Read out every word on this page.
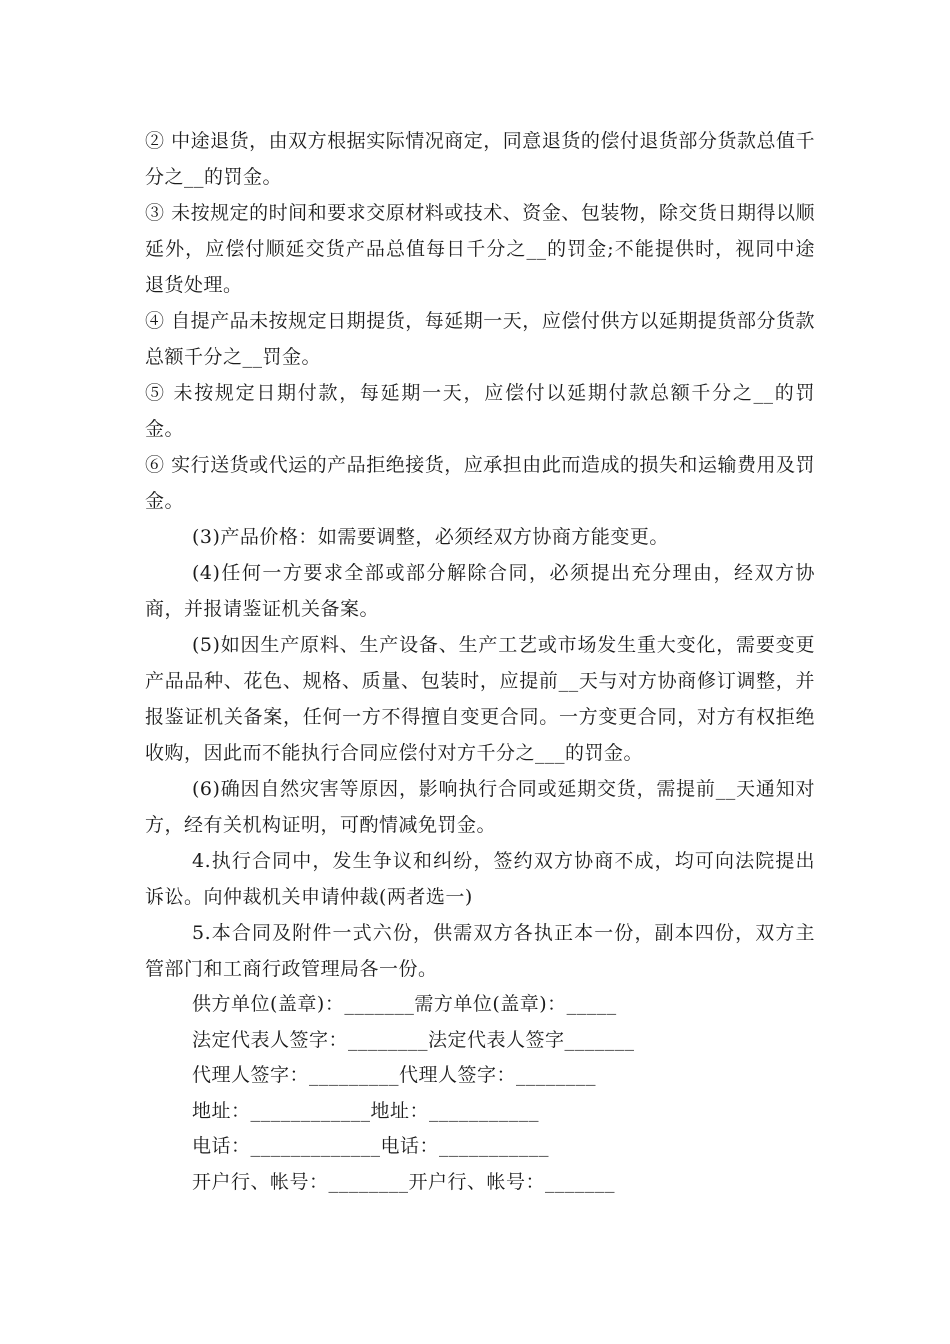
② 中途退货，由双方根据实际情况商定，同意退货的偿付退货部分货款总值千分之__的罚金。

③ 未按规定的时间和要求交原材料或技术、资金、包装物，除交货日期得以顺延外，应偿付顺延交货产品总值每日千分之__的罚金;不能提供时，视同中途退货处理。

④ 自提产品未按规定日期提货，每延期一天，应偿付供方以延期提货部分货款总额千分之__罚金。

⑤ 未按规定日期付款，每延期一天，应偿付以延期付款总额千分之__的罚金。

⑥ 实行送货或代运的产品拒绝接货，应承担由此而造成的损失和运输费用及罚金。

(3)产品价格：如需要调整，必须经双方协商方能变更。

(4)任何一方要求全部或部分解除合同，必须提出充分理由，经双方协商，并报请鉴证机关备案。

(5)如因生产原料、生产设备、生产工艺或市场发生重大变化，需要变更产品品种、花色、规格、质量、包装时，应提前__天与对方协商修订调整，并报鉴证机关备案，任何一方不得擅自变更合同。一方变更合同，对方有权拒绝收购，因此而不能执行合同应偿付对方千分之___的罚金。

(6)确因自然灾害等原因，影响执行合同或延期交货，需提前__天通知对方，经有关机构证明，可酌情减免罚金。

4.执行合同中，发生争议和纠纷，签约双方协商不成，均可向法院提出诉讼。向仲裁机关申请仲裁(两者选一)

5.本合同及附件一式六份，供需双方各执正本一份，副本四份，双方主管部门和工商行政管理局各一份。

供方单位(盖章)：_______需方单位(盖章)：_____

法定代表人签字：________法定代表人签字_______

代理人签字：_________代理人签字：________

地址：____________地址：___________

电话：_____________电话：___________

开户行、帐号：________开户行、帐号：_______
